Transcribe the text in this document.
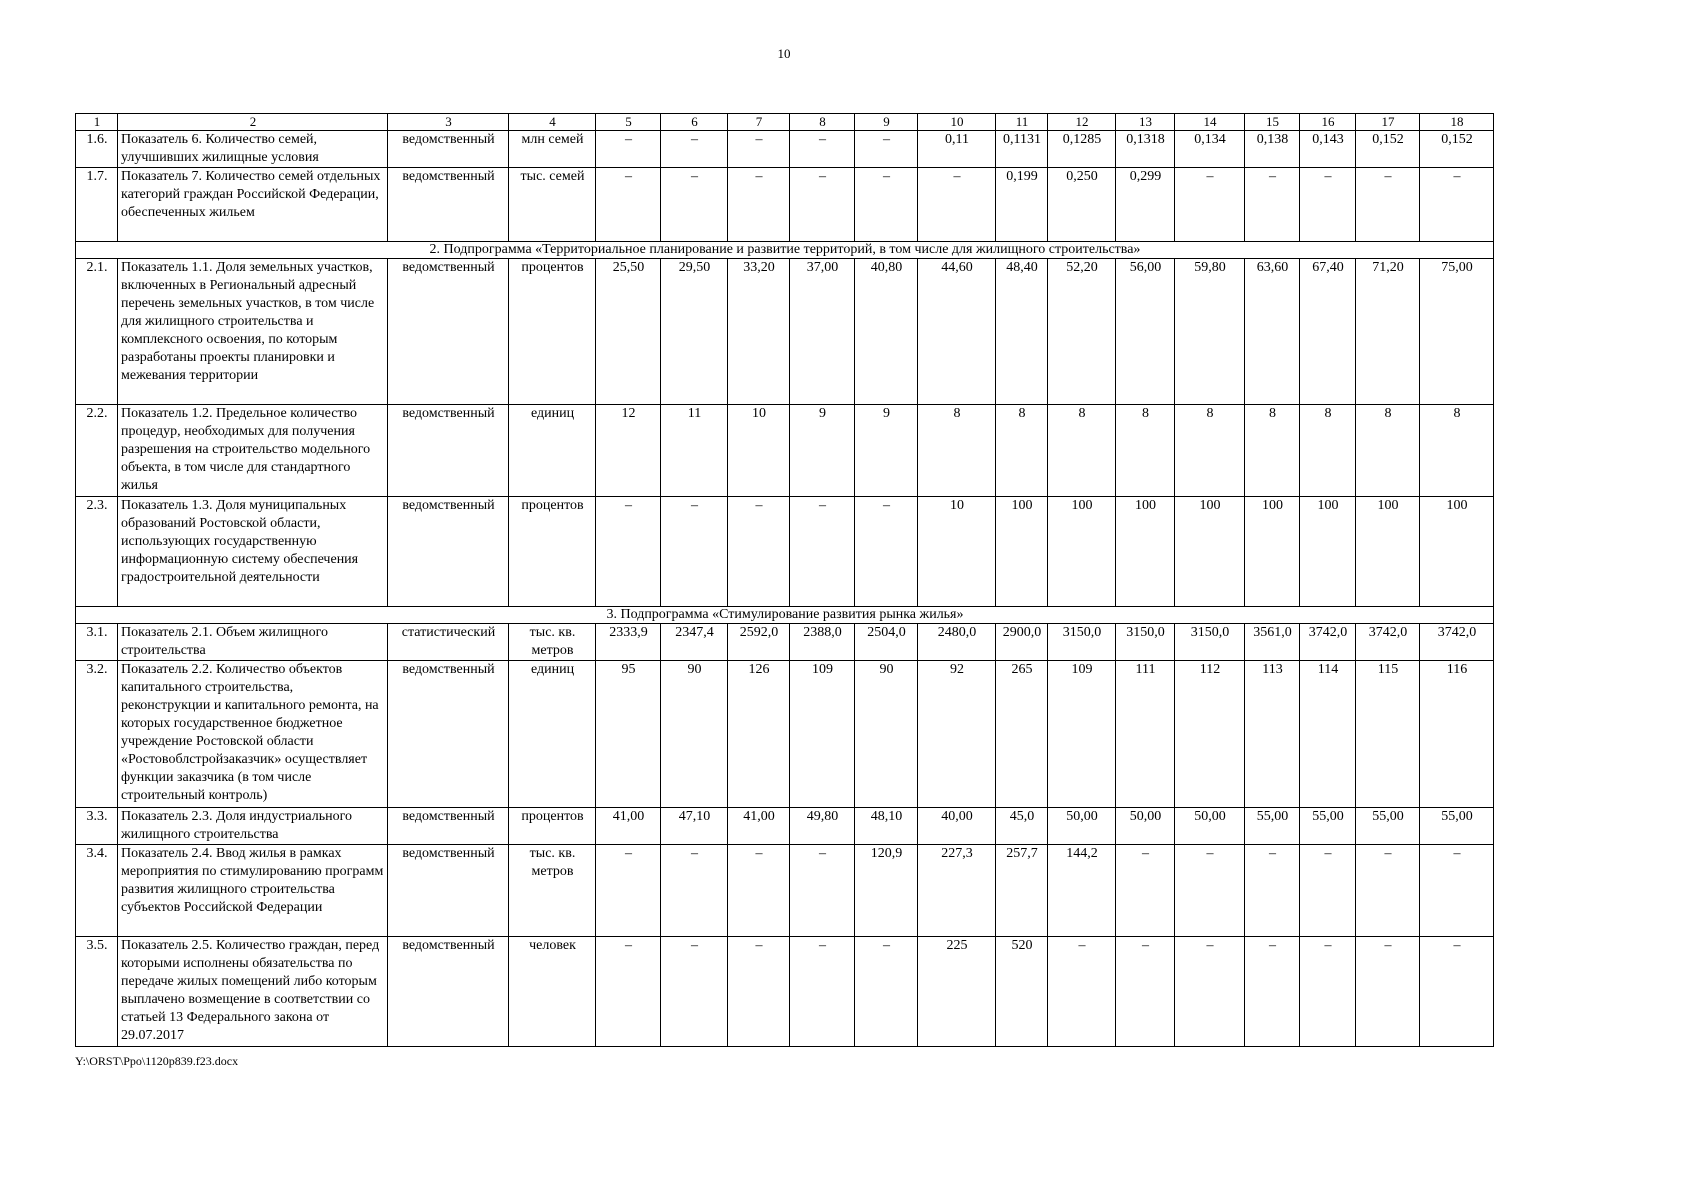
10
1	2	3	4	5	6	7	8	9	10	11	12	13	14	15	16	17	18
1.6.	Показатель 6. Количество семей, улучшивших жилищные условия	ведомственный	млн семей	–	–	–	–	–	0,11	0,1131	0,1285	0,1318	0,134	0,138	0,143	0,152	0,152
1.7.	Показатель 7. Количество семей отдельных категорий граждан Российской Федерации, обеспеченных жильем	ведомственный	тыс. семей	–	–	–	–	–	–	0,199	0,250	0,299	–	–	–	–	–
2. Подпрограмма «Территориальное планирование и развитие территорий, в том числе для жилищного строительства»																	
2.1.	Показатель 1.1. Доля земельных участков, включенных в Региональный адресный перечень земельных участков, в том числе для жилищного строительства и комплексного освоения, по которым разработаны проекты планировки и межевания территории	ведомственный	процентов	25,50	29,50	33,20	37,00	40,80	44,60	48,40	52,20	56,00	59,80	63,60	67,40	71,20	75,00
2.2.	Показатель 1.2. Предельное количество процедур, необходимых для получения разрешения на строительство модельного объекта, в том числе для стандартного жилья	ведомственный	единиц	12	11	10	9	9	8	8	8	8	8	8	8	8	8
2.3.	Показатель 1.3. Доля муниципальных образований Ростовской области, использующих государственную информационную систему обеспечения градостроительной деятельности	ведомственный	процентов	–	–	–	–	–	10	100	100	100	100	100	100	100	100
3. Подпрограмма «Стимулирование развития рынка жилья»																	
3.1.	Показатель 2.1. Объем жилищного строительства	статистический	тыс. кв. метров	2333,9	2347,4	2592,0	2388,0	2504,0	2480,0	2900,0	3150,0	3150,0	3150,0	3561,0	3742,0	3742,0	3742,0
3.2.	Показатель 2.2. Количество объектов капитального строительства, реконструкции и капитального ремонта, на которых государственное бюджетное учреждение Ростовской области «Ростовоблстройзаказчик» осуществляет функции заказчика (в том числе строительный контроль)	ведомственный	единиц	95	90	126	109	90	92	265	109	111	112	113	114	115	116
3.3.	Показатель 2.3. Доля индустриального жилищного строительства	ведомственный	процентов	41,00	47,10	41,00	49,80	48,10	40,00	45,0	50,00	50,00	50,00	55,00	55,00	55,00	55,00
3.4.	Показатель 2.4. Ввод жилья в рамках мероприятия по стимулированию программ развития жилищного строительства субъектов Российской Федерации	ведомственный	тыс. кв. метров	–	–	–	–	120,9	227,3	257,7	144,2	–	–	–	–	–	–
3.5.	Показатель 2.5. Количество граждан, перед которыми исполнены обязательства по передаче жилых помещений либо которым выплачено возмещение в соответствии со статьей 13 Федерального закона от 29.07.2017	ведомственный	человек	–	–	–	–	–	225	520	–	–	–	–	–	–	–
Y:\ORST\Ppo\1120p839.f23.docx
